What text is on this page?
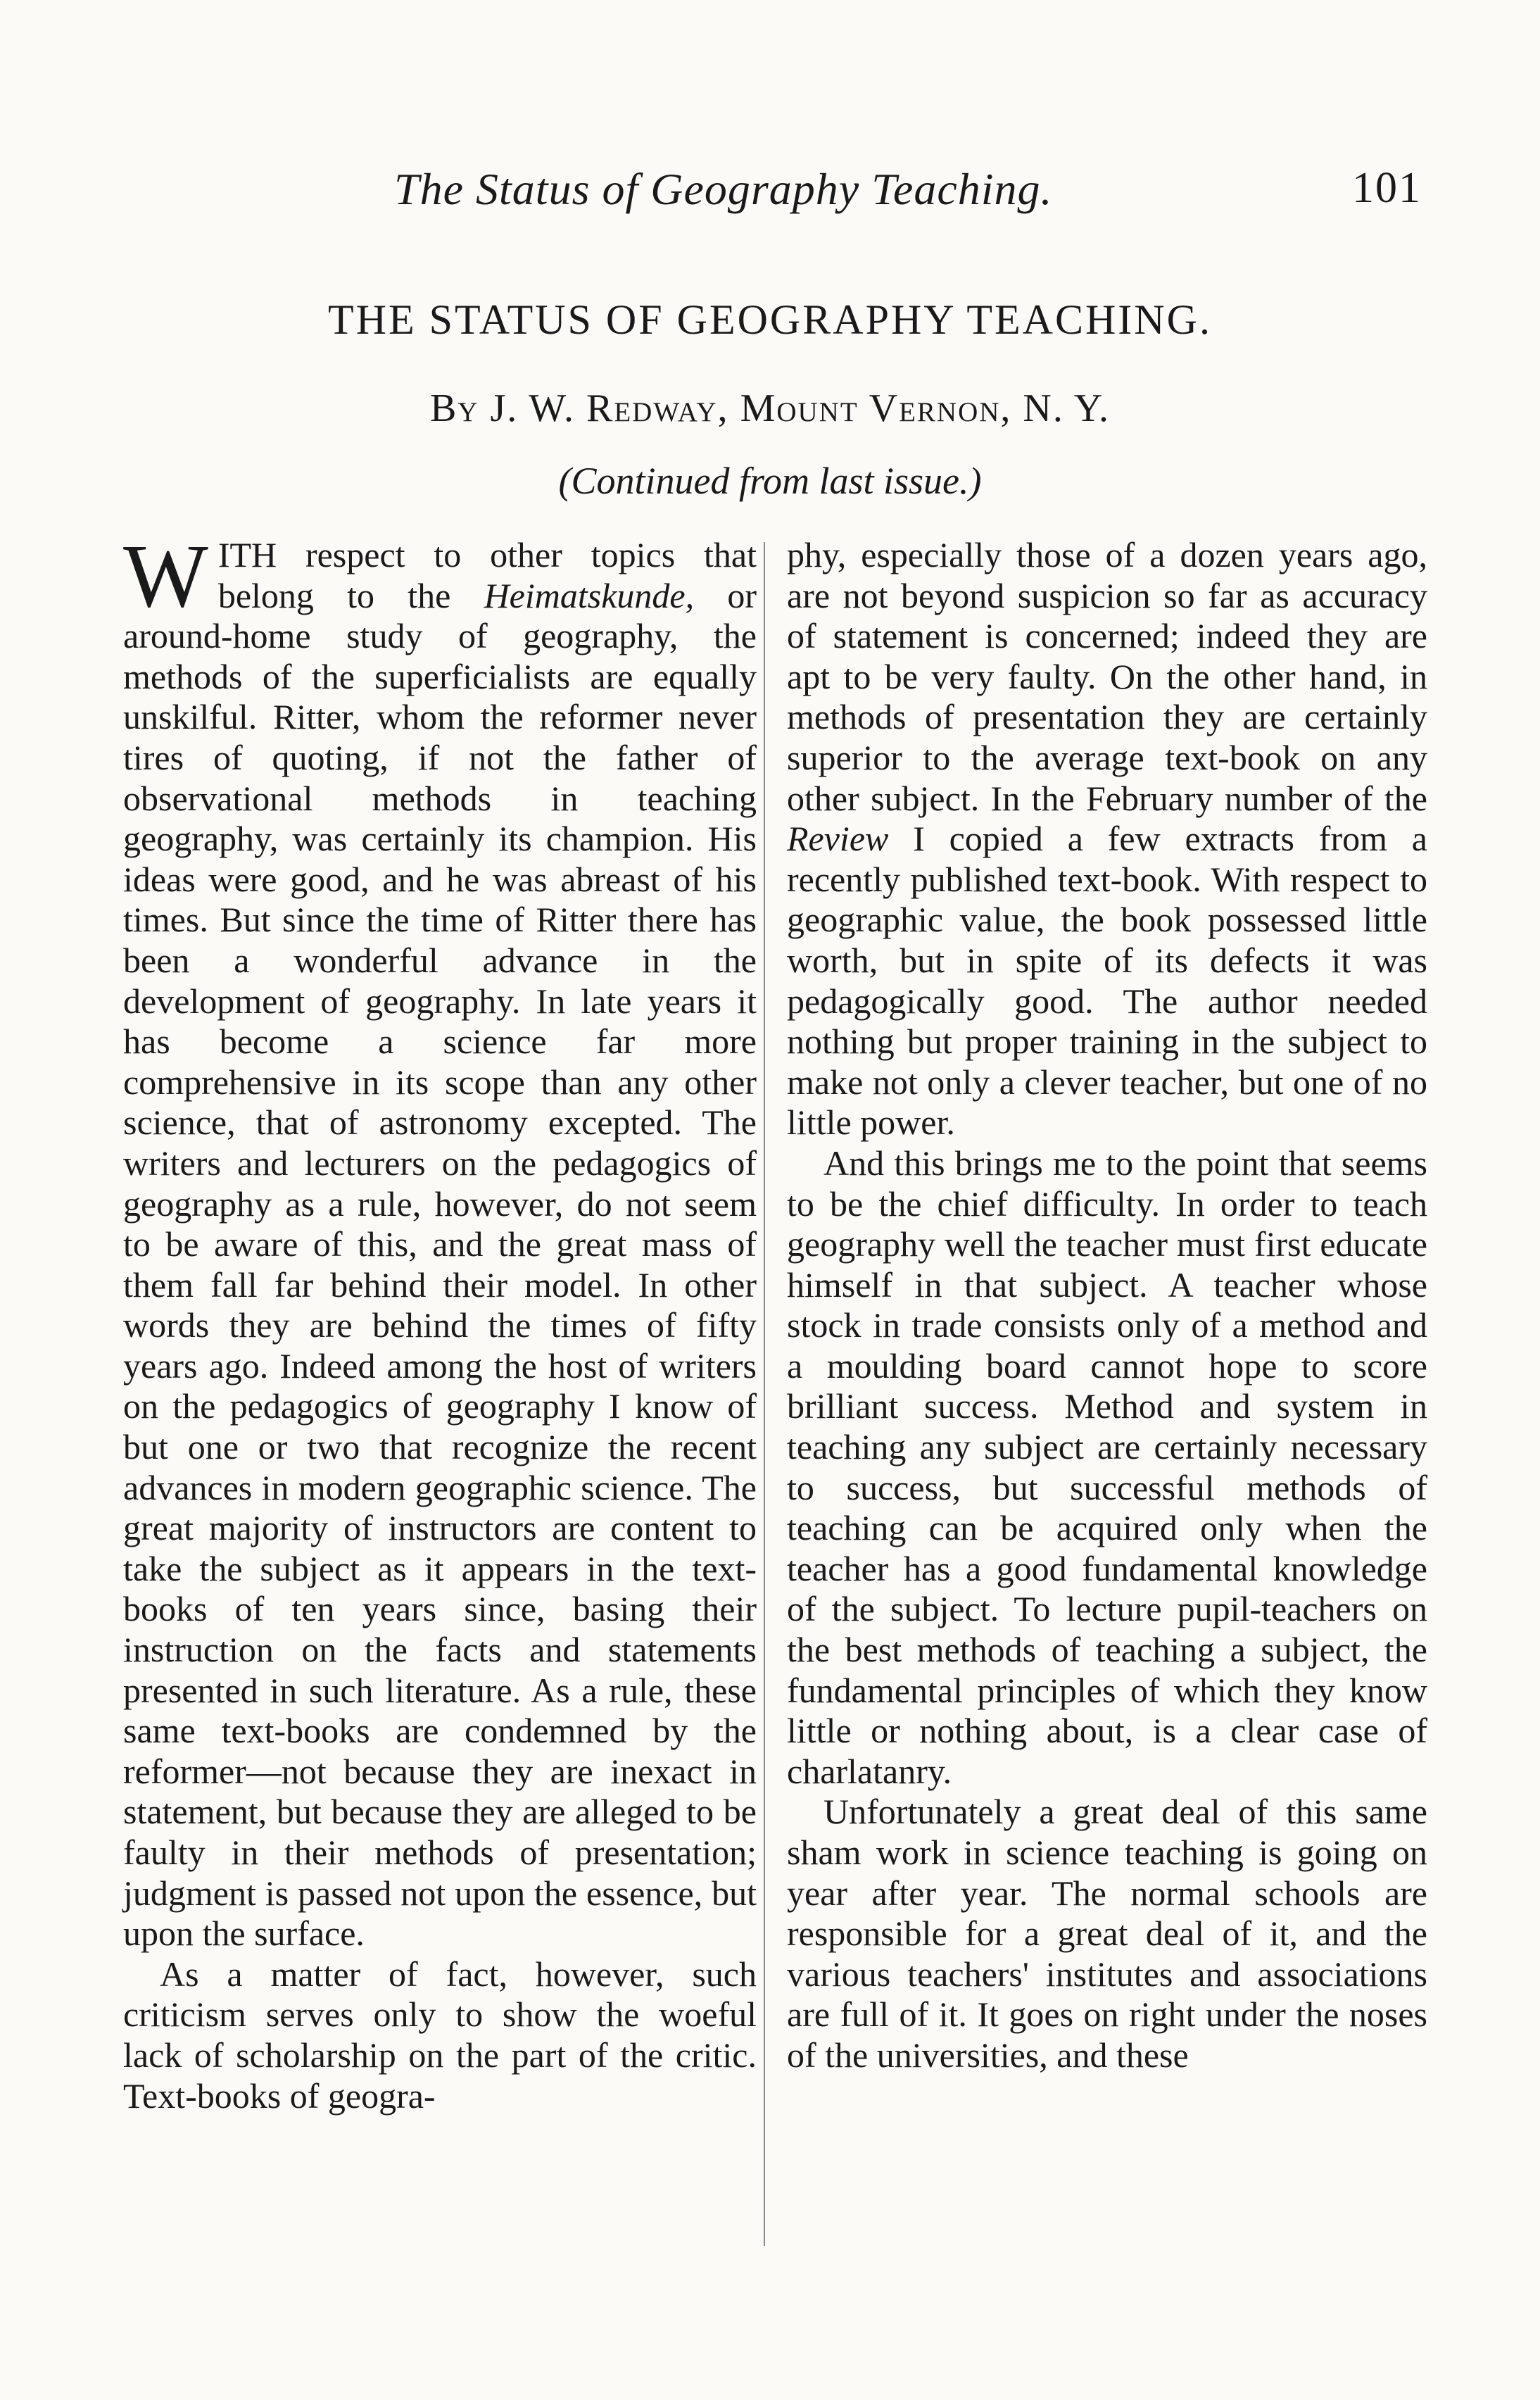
The Status of Geography Teaching.	101
THE STATUS OF GEOGRAPHY TEACHING.
By J. W. Redway, Mount Vernon, N. Y.
(Continued from last issue.)

WITH respect to other topics that belong to the Heimatskunde, or around-home study of geography, the methods of the superficialists are equally unskilful. Ritter, whom the reformer never tires of quoting, if not the father of observational methods in teaching geography, was certainly its champion. His ideas were good, and he was abreast of his times. But since the time of Ritter there has been a wonderful advance in the development of geography. In late years it has become a science far more comprehensive in its scope than any other science, that of astronomy excepted. The writers and lecturers on the pedagogics of geography as a rule, however, do not seem to be aware of this, and the great mass of them fall far behind their model. In other words they are behind the times of fifty years ago. Indeed among the host of writers on the pedagogics of geography I know of but one or two that recognize the recent advances in modern geographic science. The great majority of instructors are content to take the subject as it appears in the text-books of ten years since, basing their instruction on the facts and statements presented in such literature. As a rule, these same text-books are condemned by the reformer—not because they are inexact in statement, but because they are alleged to be faulty in their methods of presentation; judgment is passed not upon the essence, but upon the surface.

As a matter of fact, however, such criticism serves only to show the woeful lack of scholarship on the part of the critic. Text-books of geogra-

phy, especially those of a dozen years ago, are not beyond suspicion so far as accuracy of statement is concerned; indeed they are apt to be very faulty. On the other hand, in methods of presentation they are certainly superior to the average text-book on any other subject. In the February number of the Review I copied a few extracts from a recently published text-book. With respect to geographic value, the book possessed little worth, but in spite of its defects it was pedagogically good. The author needed nothing but proper training in the subject to make not only a clever teacher, but one of no little power.

And this brings me to the point that seems to be the chief difficulty. In order to teach geography well the teacher must first educate himself in that subject. A teacher whose stock in trade consists only of a method and a moulding board cannot hope to score brilliant success. Method and system in teaching any subject are certainly necessary to success, but successful methods of teaching can be acquired only when the teacher has a good fundamental knowledge of the subject. To lecture pupil-teachers on the best methods of teaching a subject, the fundamental principles of which they know little or nothing about, is a clear case of charlatanry.

Unfortunately a great deal of this same sham work in science teaching is going on year after year. The normal schools are responsible for a great deal of it, and the various teachers' institutes and associations are full of it. It goes on right under the noses of the universities, and these
